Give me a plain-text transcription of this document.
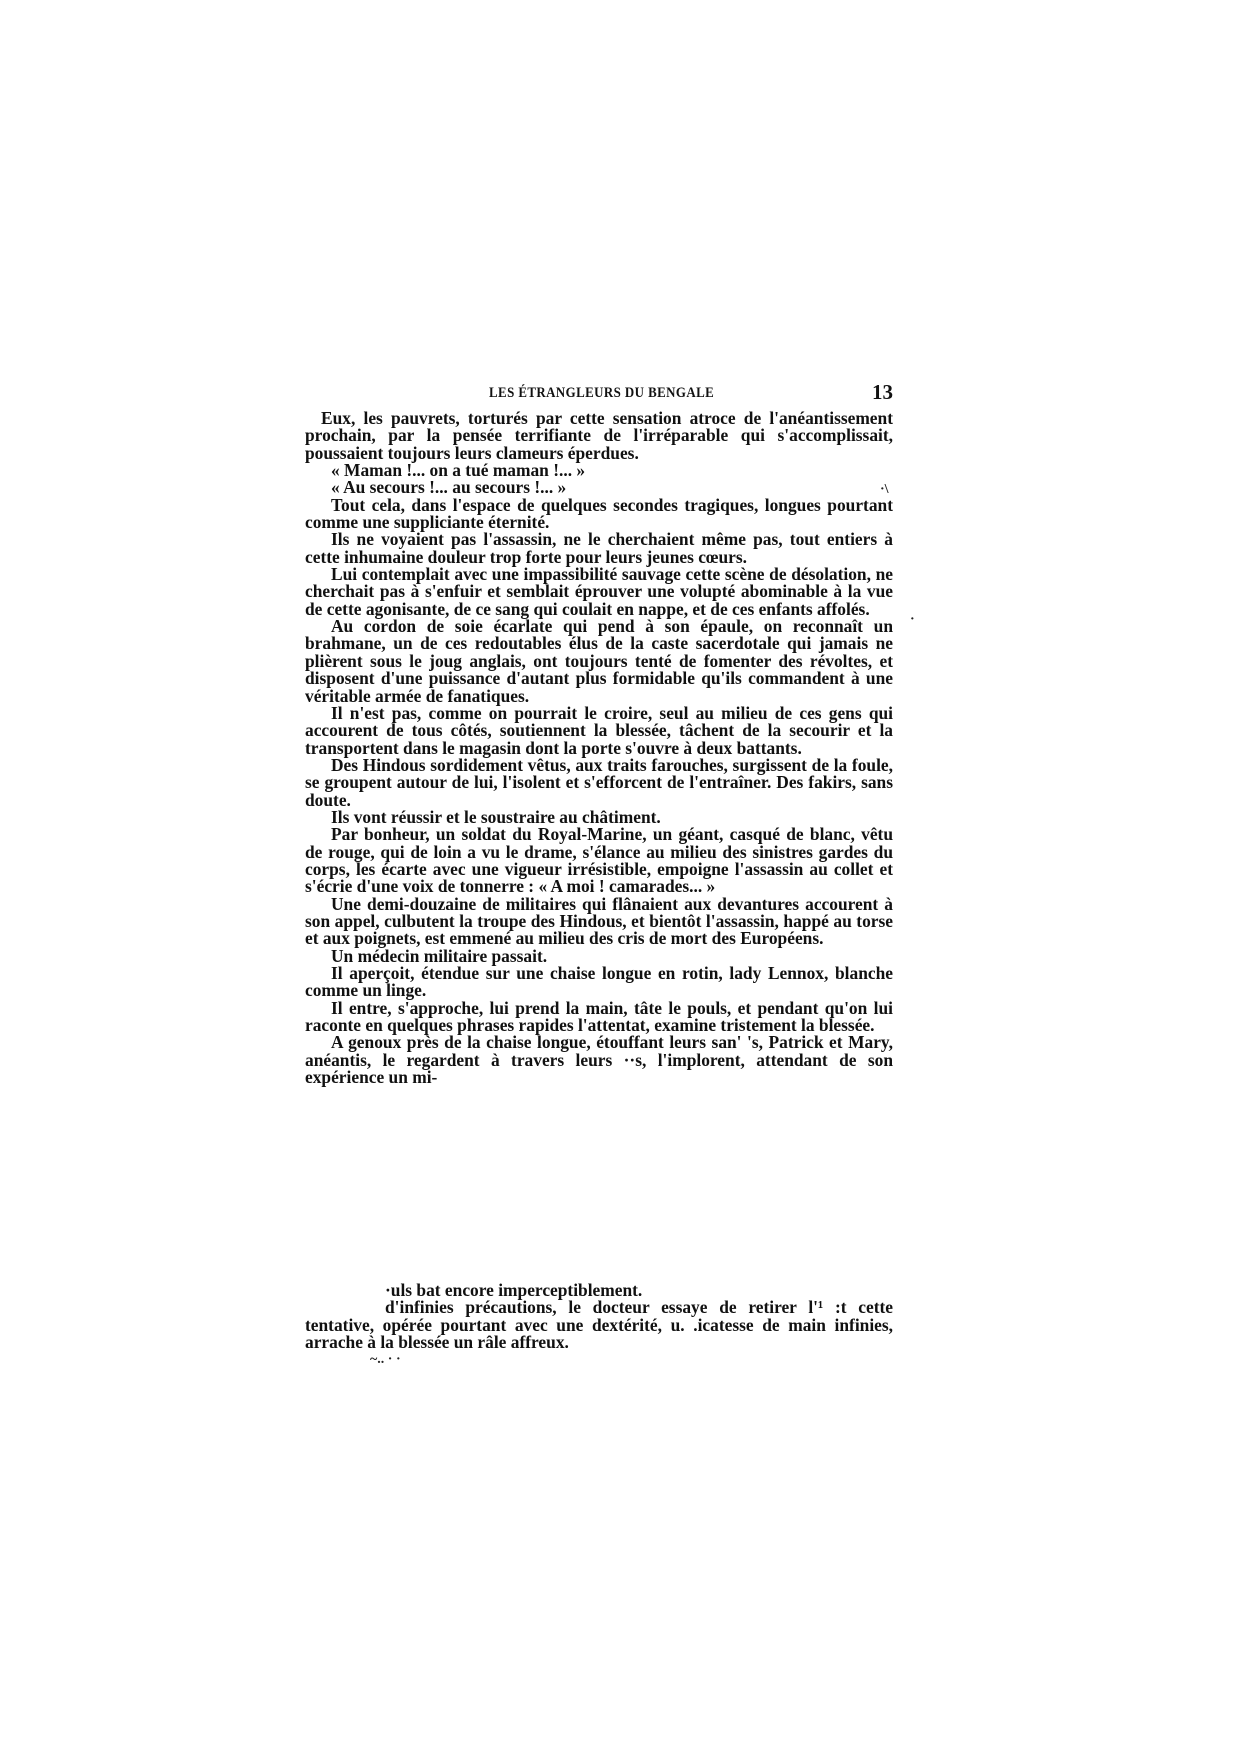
LES ÉTRANGLEURS DU BENGALE	13

Eux, les pauvrets, torturés par cette sensation atroce de l'anéantissement prochain, par la pensée terrifiante de l'irréparable qui s'accomplissait, poussaient toujours leurs clameurs éperdues.

« Maman !... on a tué maman !... »

« Au secours !... au secours !... »

Tout cela, dans l'espace de quelques secondes tragiques, longues pourtant comme une suppliciante éternité.

Ils ne voyaient pas l'assassin, ne le cherchaient même pas, tout entiers à cette inhumaine douleur trop forte pour leurs jeunes cœurs.

Lui contemplait avec une impassibilité sauvage cette scène de désolation, ne cherchait pas à s'enfuir et semblait éprouver une volupté abominable à la vue de cette agonisante, de ce sang qui coulait en nappe, et de ces enfants affolés.

Au cordon de soie écarlate qui pend à son épaule, on reconnaît un brahmane, un de ces redoutables élus de la caste sacerdotale qui jamais ne plièrent sous le joug anglais, ont toujours tenté de fomenter des révoltes, et disposent d'une puissance d'autant plus formidable qu'ils commandent à une véritable armée de fanatiques.

Il n'est pas, comme on pourrait le croire, seul au milieu de ces gens qui accourent de tous côtés, soutiennent la blessée, tâchent de la secourir et la transportent dans le magasin dont la porte s'ouvre à deux battants.

Des Hindous sordidement vêtus, aux traits farouches, surgissent de la foule, se groupent autour de lui, l'isolent et s'efforcent de l'entraîner. Des fakirs, sans doute.

Ils vont réussir et le soustraire au châtiment.

Par bonheur, un soldat du Royal-Marine, un géant, casqué de blanc, vêtu de rouge, qui de loin a vu le drame, s'élance au milieu des sinistres gardes du corps, les écarte avec une vigueur irrésistible, empoigne l'assassin au collet et s'écrie d'une voix de tonnerre : « A moi ! camarades... »

Une demi-douzaine de militaires qui flânaient aux devantures accourent à son appel, culbutent la troupe des Hindous, et bientôt l'assassin, happé au torse et aux poignets, est emmené au milieu des cris de mort des Européens.

Un médecin militaire passait.

Il aperçoit, étendue sur une chaise longue en rotin, lady Lennox, blanche comme un linge.

Il entre, s'approche, lui prend la main, tâte le pouls, et pendant qu'on lui raconte en quelques phrases rapides l'attentat, examine tristement la blessée.

A genoux près de la chaise longue, étouffant leurs san' 's, Patrick et Mary, anéantis, le regardent à travers leurs ··s, l'implorent, attendant de son expérience un mi-

·uls bat encore imperceptiblement.

d'infinies précautions, le docteur essaye de retirer l'¹ :t cette tentative, opérée pourtant avec une dextérité, u. .icatesse de main infinies, arrache à la blessée un râle affreux.

·\
·
~.. · ·
